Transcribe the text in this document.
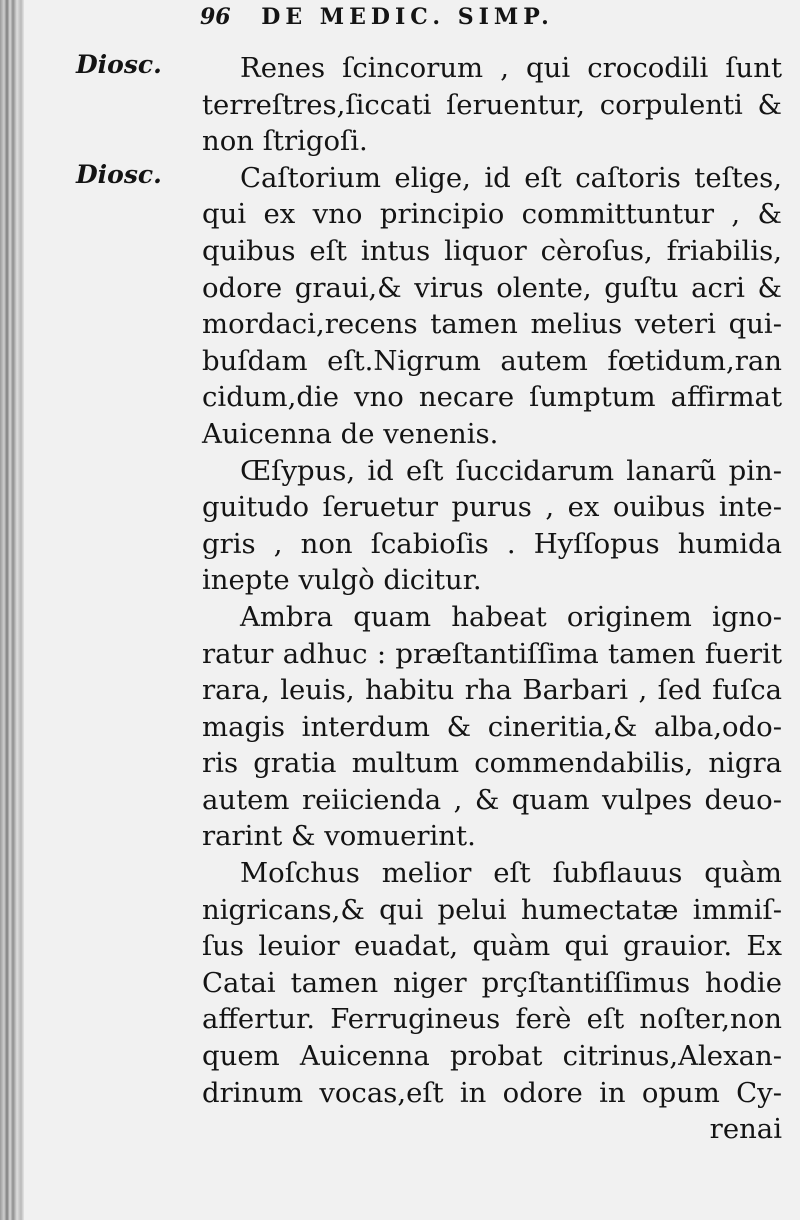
96 DE MEDIC. SIMP.
Diosc.
Diosc.
Renes ſcincorum , qui crocodili ſunt
terreſtres,ſiccati ſeruentur, corpulenti &
non ſtrigoſi.
Caſtorium elige, id eſt caſtoris teſtes,
qui ex vno principio committuntur , &
quibus eſt intus liquor cèroſus, friabilis,
odore graui,& virus olente, guſtu acri &
mordaci,recens tamen melius veteri qui-
buſdam eſt.Nigrum autem fœtidum,ran
cidum,die vno necare ſumptum affirmat
Auicenna de venenis.
Œſypus, id eſt ſuccidarum lanarũ pin-
guitudo ſeruetur purus , ex ouibus inte-
gris , non ſcabioſis . Hyſſopus humida
inepte vulgò dicitur.
Ambra quam habeat originem igno-
ratur adhuc : præſtantiſſima tamen fuerit
rara, leuis, habitu rha Barbari , ſed fuſca
magis interdum & cineritia,& alba,odo-
ris gratia multum commendabilis, nigra
autem reiicienda , & quam vulpes deuo-
rarint & vomuerint.
Moſchus melior eſt ſubflauus quàm
nigricans,& qui pelui humectatæ immiſ-
ſus leuior euadat, quàm qui grauior. Ex
Catai tamen niger prçſtantiſſimus hodie
affertur. Ferrugineus ferè eſt noſter,non
quem Auicenna probat citrinus,Alexan-
drinum vocas,eſt in odore in opum Cy-
renai
